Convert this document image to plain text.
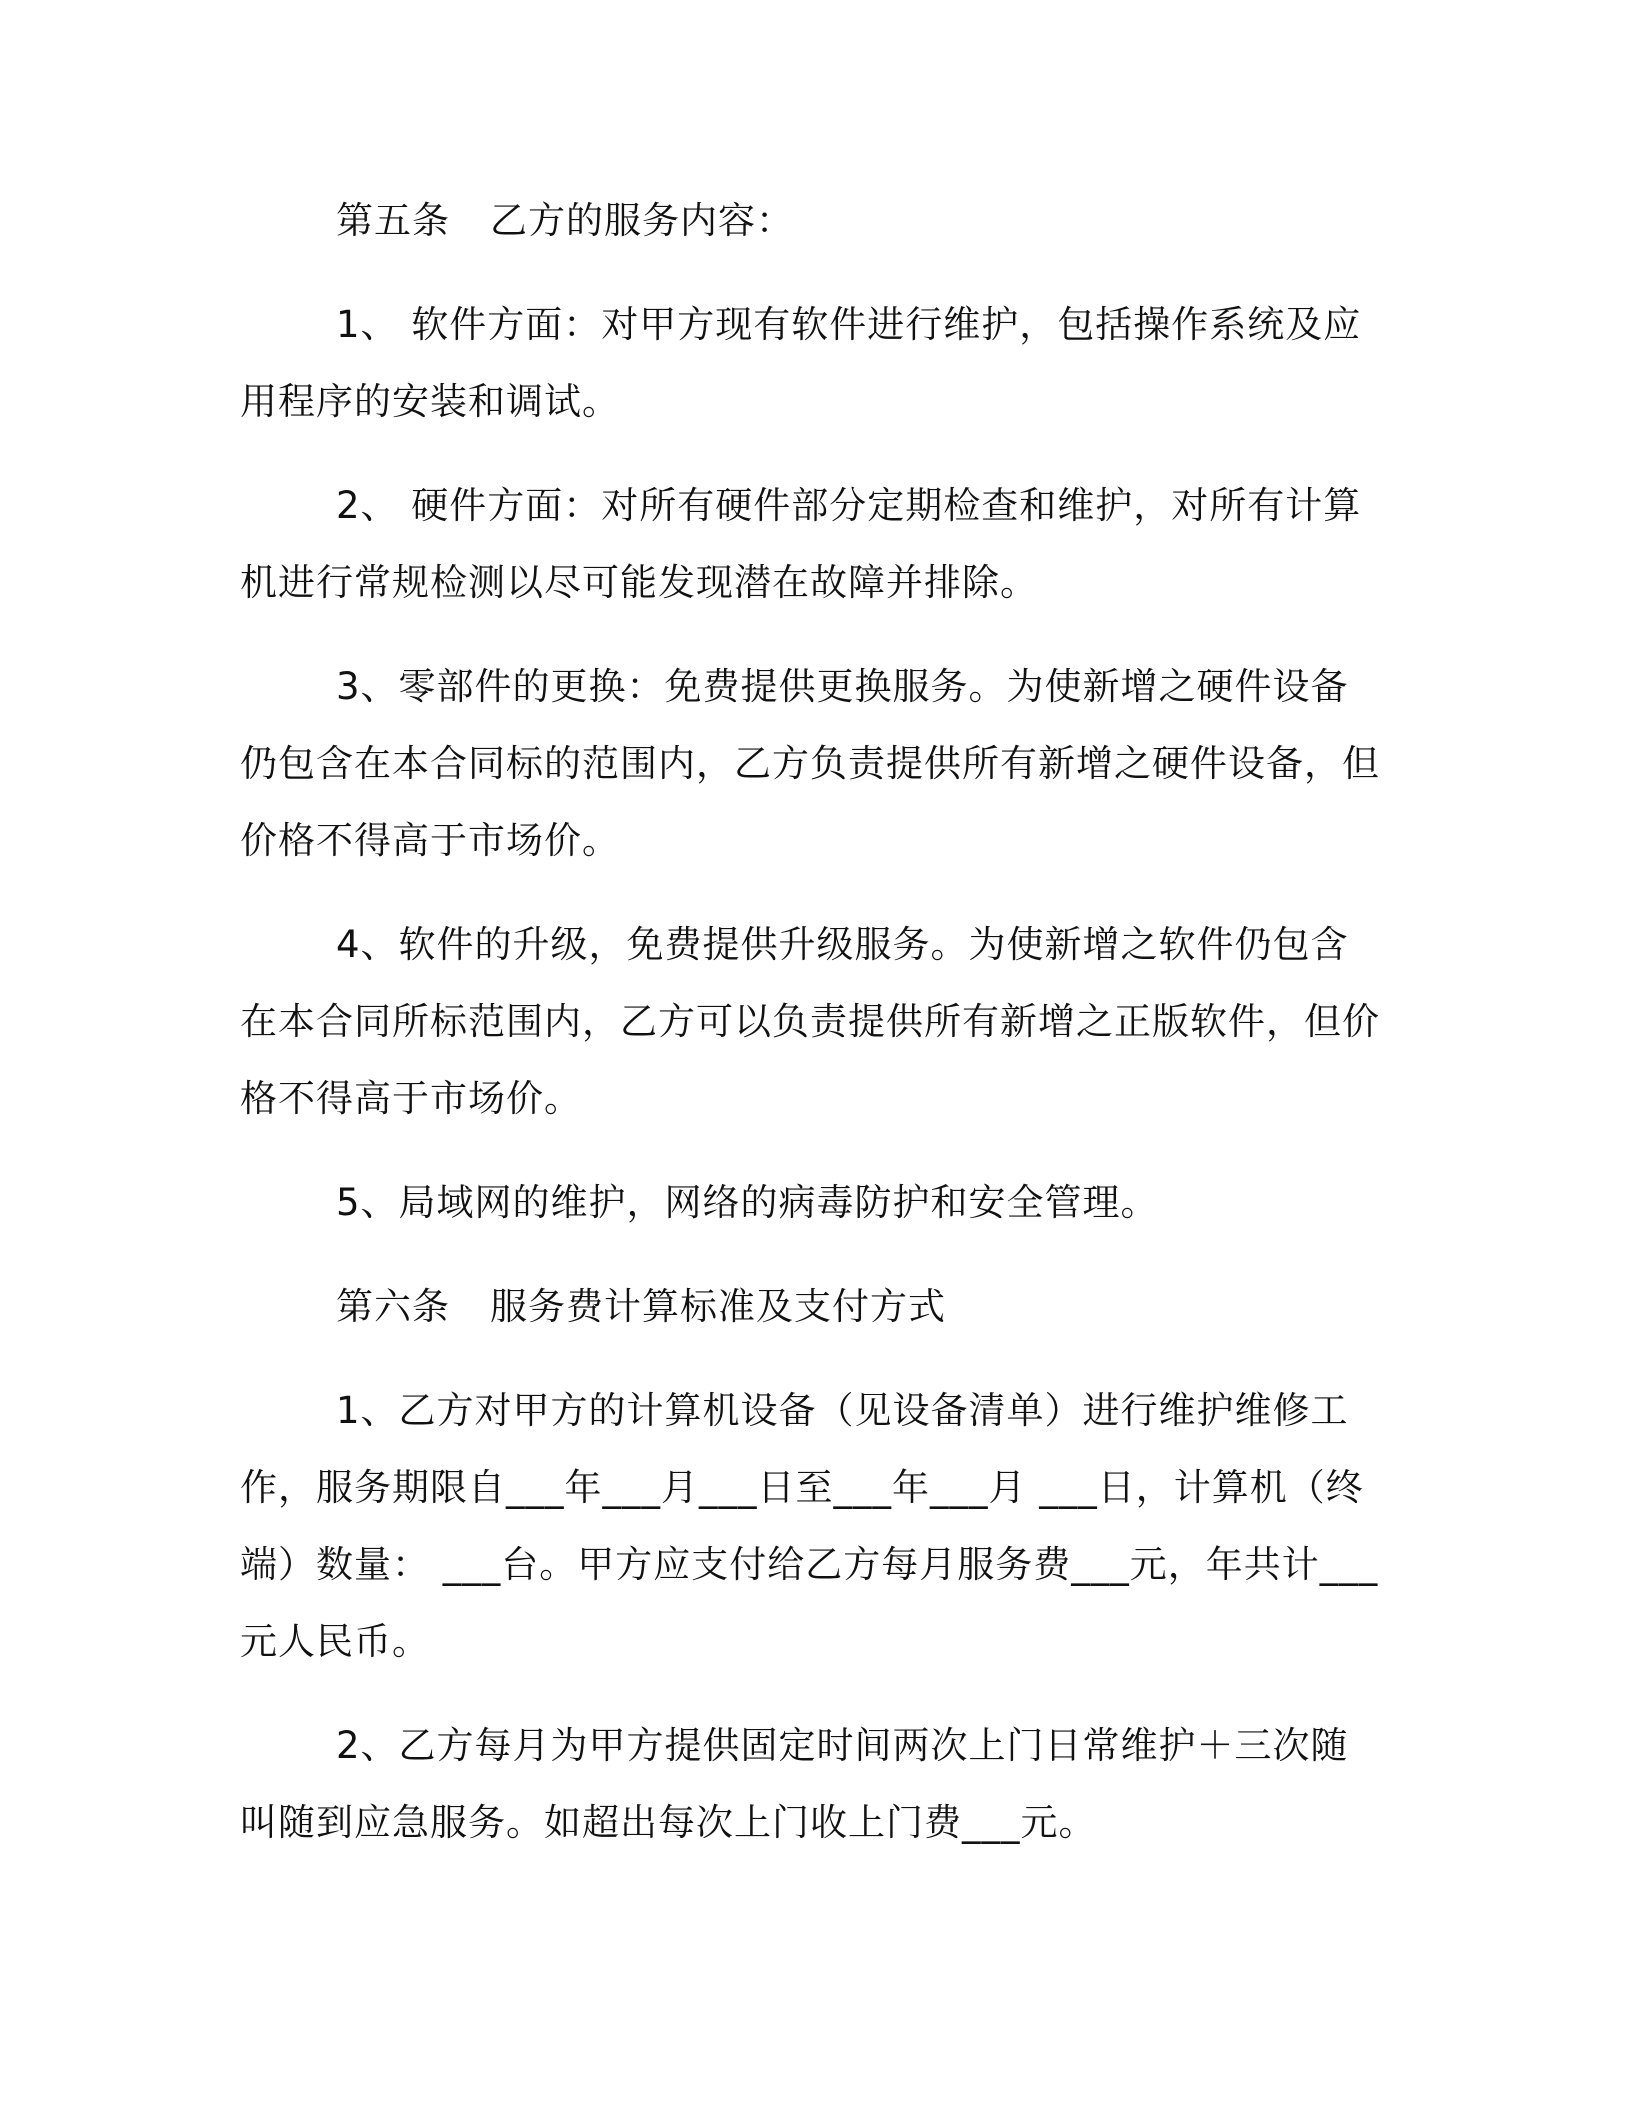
第五条 乙方的服务内容：

1、 软件方面：对甲方现有软件进行维护，包括操作系统及应用程序的安装和调试。

2、 硬件方面：对所有硬件部分定期检查和维护，对所有计算机进行常规检测以尽可能发现潜在故障并排除。

3、零部件的更换：免费提供更换服务。为使新增之硬件设备仍包含在本合同标的范围内，乙方负责提供所有新增之硬件设备，但价格不得高于市场价。

4、软件的升级，免费提供升级服务。为使新增之软件仍包含在本合同所标范围内，乙方可以负责提供所有新增之正版软件，但价格不得高于市场价。

5、局域网的维护，网络的病毒防护和安全管理。

第六条 服务费计算标准及支付方式

1、乙方对甲方的计算机设备（见设备清单）进行维护维修工作，服务期限自___年___月___日至___年___月 ___日，计算机（终端）数量： ___台。甲方应支付给乙方每月服务费___元，年共计___元人民币。

2、乙方每月为甲方提供固定时间两次上门日常维护＋三次随叫随到应急服务。如超出每次上门收上门费___元。
